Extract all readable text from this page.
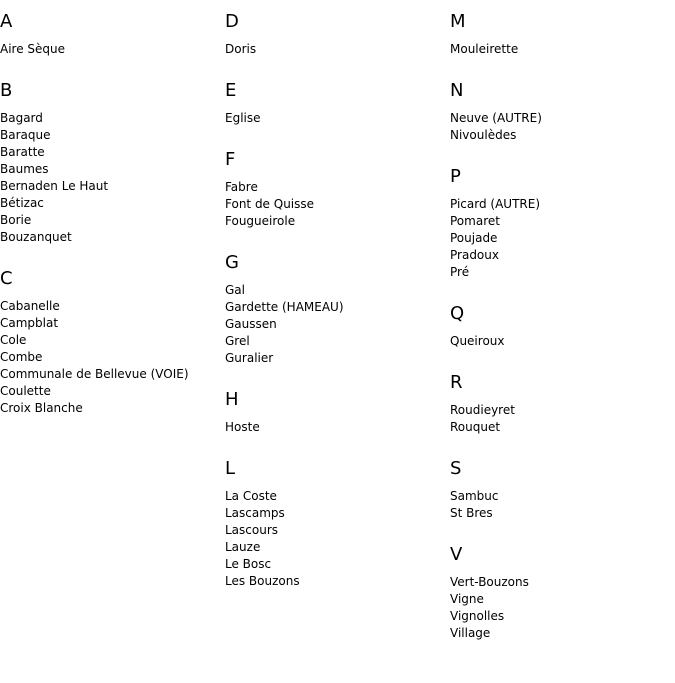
A
Aire Sèque
B
Bagard
Baraque
Baratte
Baumes
Bernaden Le Haut
Bétizac
Borie
Bouzanquet
C
Cabanelle
Campblat
Cole
Combe
Communale de Bellevue (VOIE)
Coulette
Croix Blanche
D
Doris
E
Eglise
F
Fabre
Font de Quisse
Fougueirole
G
Gal
Gardette (HAMEAU)
Gaussen
Grel
Guralier
H
Hoste
L
La Coste
Lascamps
Lascours
Lauze
Le Bosc
Les Bouzons
M
Mouleirette
N
Neuve (AUTRE)
Nivoulèdes
P
Picard (AUTRE)
Pomaret
Poujade
Pradoux
Pré
Q
Queiroux
R
Roudieyret
Rouquet
S
Sambuc
St Bres
V
Vert-Bouzons
Vigne
Vignolles
Village
